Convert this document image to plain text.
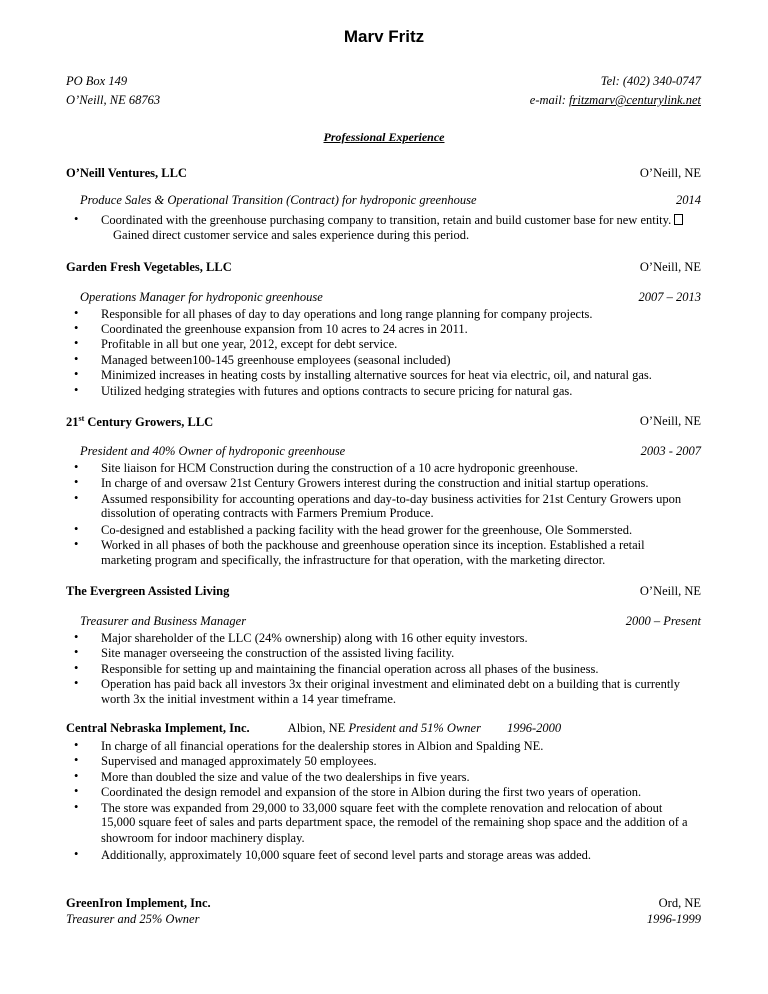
Marv Fritz
PO Box 149
O’Neill, NE 68763
Tel: (402) 340-0747
e-mail: fritzmarv@centurylink.net
Professional Experience
O’Neill Ventures, LLC	O’Neill, NE
Produce Sales & Operational Transition (Contract) for hydroponic greenhouse	2014
• Coordinated with the greenhouse purchasing company to transition, retain and build customer base for new entity.
Gained direct customer service and sales experience during this period.
Garden Fresh Vegetables, LLC	O’Neill, NE
Operations Manager for hydroponic greenhouse	2007 – 2013
• Responsible for all phases of day to day operations and long range planning for company projects.
• Coordinated the greenhouse expansion from 10 acres to 24 acres in 2011.
• Profitable in all but one year, 2012, except for debt service.
• Managed between100-145 greenhouse employees (seasonal included)
• Minimized increases in heating costs by installing alternative sources for heat via electric, oil, and natural gas.
• Utilized hedging strategies with futures and options contracts to secure pricing for natural gas.
21st Century Growers, LLC	O’Neill, NE
President and 40% Owner of hydroponic greenhouse	2003 - 2007
• Site liaison for HCM Construction during the construction of a 10 acre hydroponic greenhouse.
• In charge of and oversaw 21st Century Growers interest during the construction and initial startup operations.
• Assumed responsibility for accounting operations and day-to-day business activities for 21st Century Growers upon
dissolution of operating contracts with Farmers Premium Produce.
• Co-designed and established a packing facility with the head grower for the greenhouse, Ole Sommersted.
• Worked in all phases of both the packhouse and greenhouse operation since its inception. Established a retail
marketing program and specifically, the infrastructure for that operation, with the marketing director.
The Evergreen Assisted Living	O’Neill, NE
Treasurer and Business Manager	2000 – Present
• Major shareholder of the LLC (24% ownership) along with 16 other equity investors.
• Site manager overseeing the construction of the assisted living facility.
• Responsible for setting up and maintaining the financial operation across all phases of the business.
• Operation has paid back all investors 3x their original investment and eliminated debt on a building that is currently
worth 3x the initial investment within a 14 year timeframe.
Central Nebraska Implement, Inc.	Albion, NE President and 51% Owner 1996-2000
• In charge of all financial operations for the dealership stores in Albion and Spalding NE.
• Supervised and managed approximately 50 employees.
• More than doubled the size and value of the two dealerships in five years.
• Coordinated the design remodel and expansion of the store in Albion during the first two years of operation.
• The store was expanded from 29,000 to 33,000 square feet with the complete renovation and relocation of about
15,000 square feet of sales and parts department space, the remodel of the remaining shop space and the addition of a
showroom for indoor machinery display.
• Additionally, approximately 10,000 square feet of second level parts and storage areas was added.
GreenIron Implement, Inc.	Ord, NE
Treasurer and 25% Owner	1996-1999
